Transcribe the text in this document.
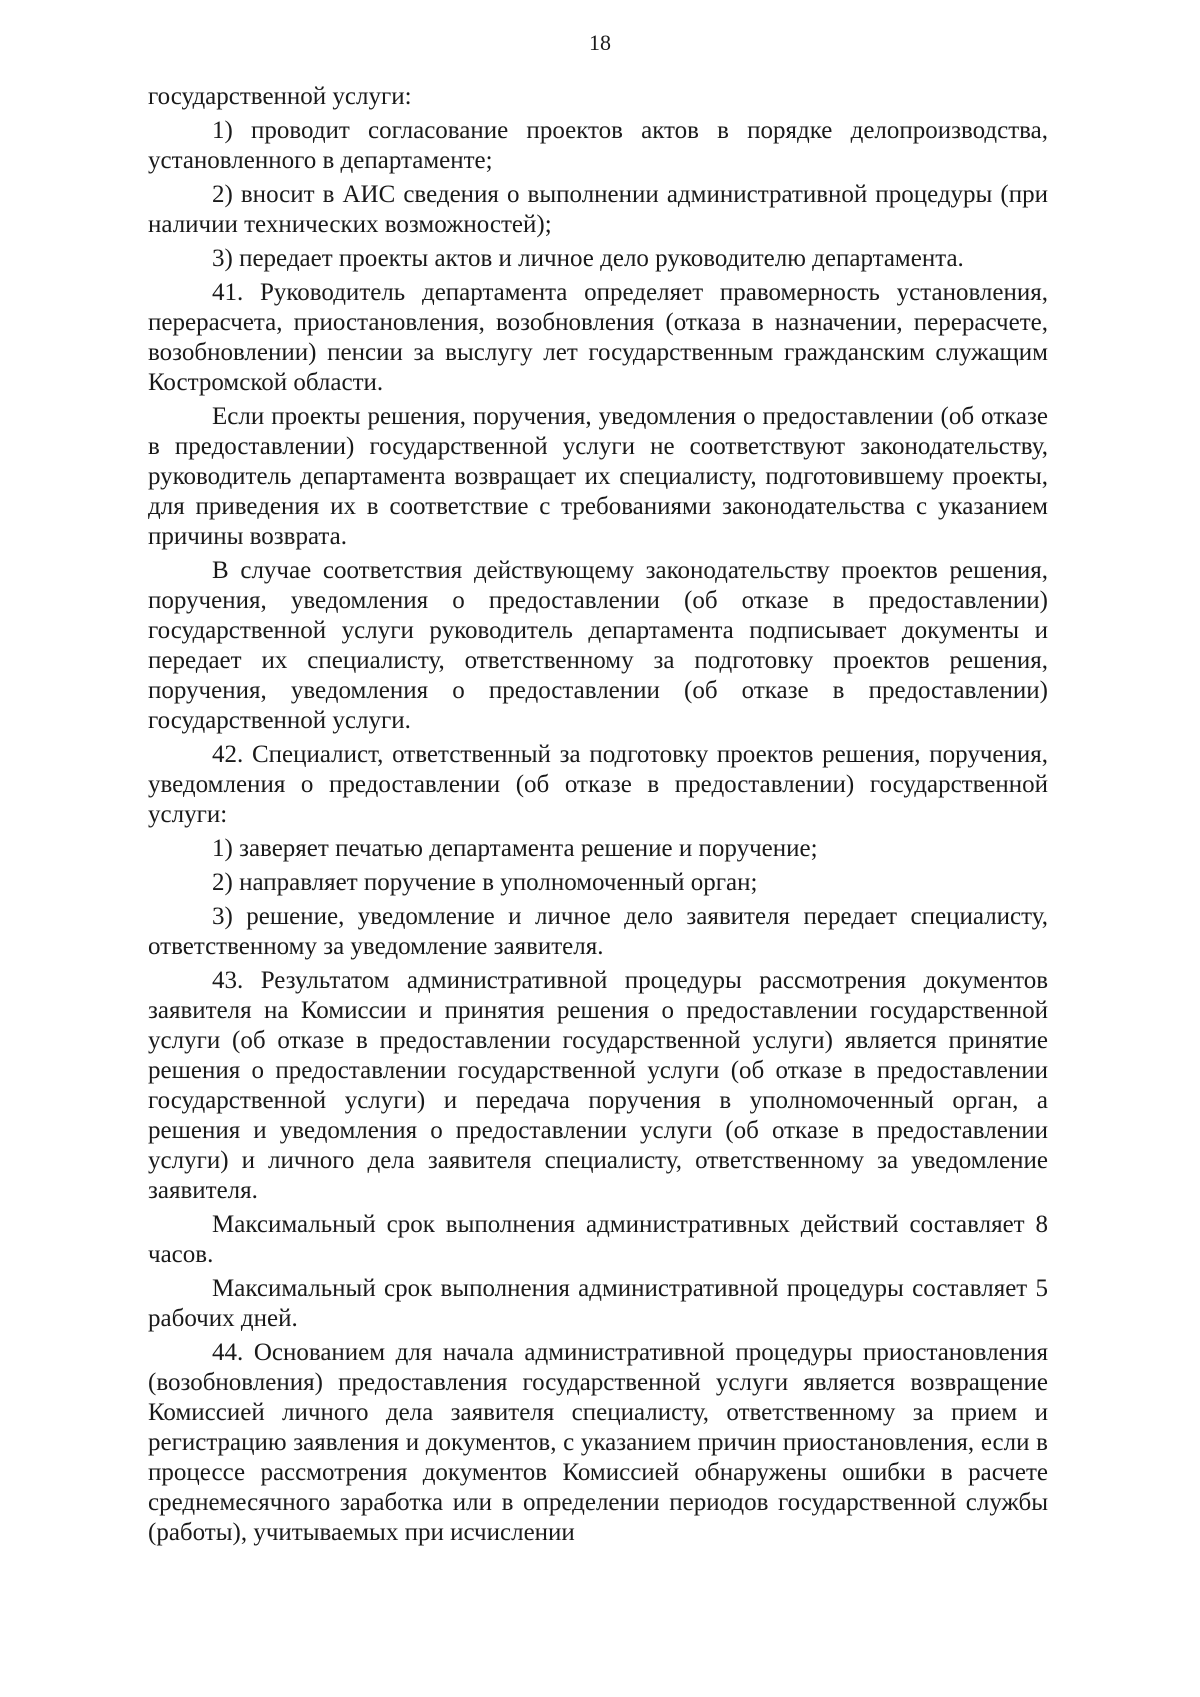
18

государственной услуги:

1) проводит согласование проектов актов в порядке делопроизводства, установленного в департаменте;

2) вносит в АИС сведения о выполнении административной процедуры (при наличии технических возможностей);

3) передает проекты актов и личное дело руководителю департамента.

41. Руководитель департамента определяет правомерность установления, перерасчета, приостановления, возобновления (отказа в назначении, перерасчете, возобновлении) пенсии за выслугу лет государственным гражданским служащим Костромской области.

Если проекты решения, поручения, уведомления о предоставлении (об отказе в предоставлении) государственной услуги не соответствуют законодательству, руководитель департамента возвращает их специалисту, подготовившему проекты, для приведения их в соответствие с требованиями законодательства с указанием причины возврата.

В случае соответствия действующему законодательству проектов решения, поручения, уведомления о предоставлении (об отказе в предоставлении) государственной услуги руководитель департамента подписывает документы и передает их специалисту, ответственному за подготовку проектов решения, поручения, уведомления о предоставлении (об отказе в предоставлении) государственной услуги.

42. Специалист, ответственный за подготовку проектов решения, поручения, уведомления о предоставлении (об отказе в предоставлении) государственной услуги:

1) заверяет печатью департамента решение и поручение;

2) направляет поручение в уполномоченный орган;

3) решение, уведомление и личное дело заявителя передает специалисту, ответственному за уведомление заявителя.

43. Результатом административной процедуры рассмотрения документов заявителя на Комиссии и принятия решения о предоставлении государственной услуги (об отказе в предоставлении государственной услуги) является принятие решения о предоставлении государственной услуги (об отказе в предоставлении государственной услуги) и передача поручения в уполномоченный орган, а решения и уведомления о предоставлении услуги (об отказе в предоставлении услуги) и личного дела заявителя специалисту, ответственному за уведомление заявителя.

Максимальный срок выполнения административных действий составляет 8 часов.

Максимальный срок выполнения административной процедуры составляет 5 рабочих дней.

44. Основанием для начала административной процедуры приостановления (возобновления) предоставления государственной услуги является возвращение Комиссией личного дела заявителя специалисту, ответственному за прием и регистрацию заявления и документов, с указанием причин приостановления, если в процессе рассмотрения документов Комиссией обнаружены ошибки в расчете среднемесячного заработка или в определении периодов государственной службы (работы), учитываемых при исчислении
